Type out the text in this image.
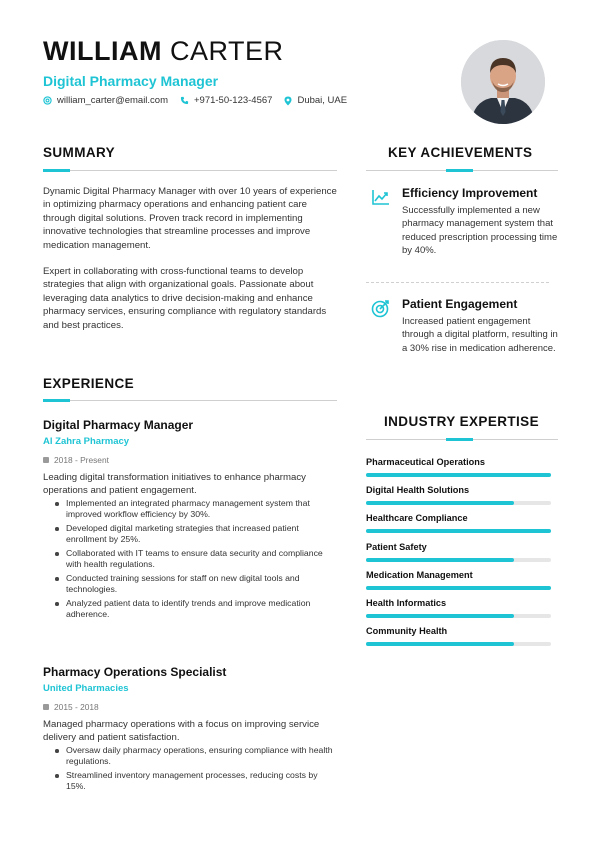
WILLIAM CARTER
Digital Pharmacy Manager
william_carter@email.com	+971-50-123-4567	Dubai, UAE
SUMMARY

Dynamic Digital Pharmacy Manager with over 10 years of experience in optimizing pharmacy operations and enhancing patient care through digital solutions. Proven track record in implementing innovative technologies that streamline processes and improve medication management.

Expert in collaborating with cross-functional teams to develop strategies that align with organizational goals. Passionate about leveraging data analytics to drive decision-making and enhance pharmacy services, ensuring compliance with regulatory standards and best practices.

EXPERIENCE
Digital Pharmacy Manager
Al Zahra Pharmacy
2018 - Present

Leading digital transformation initiatives to enhance pharmacy operations and patient engagement.

Implemented an integrated pharmacy management system that improved workflow efficiency by 30%.
Developed digital marketing strategies that increased patient enrollment by 25%.
Collaborated with IT teams to ensure data security and compliance with health regulations.
Conducted training sessions for staff on new digital tools and technologies.
Analyzed patient data to identify trends and improve medication adherence.
Pharmacy Operations Specialist
United Pharmacies
2015 - 2018

Managed pharmacy operations with a focus on improving service delivery and patient satisfaction.

Oversaw daily pharmacy operations, ensuring compliance with health regulations.
Streamlined inventory management processes, reducing costs by 15%.
KEY ACHIEVEMENTS
Efficiency Improvement

Successfully implemented a new pharmacy management system that reduced prescription processing time by 40%.

Patient Engagement

Increased patient engagement through a digital platform, resulting in a 30% rise in medication adherence.

INDUSTRY EXPERTISE
Pharmaceutical Operations
Digital Health Solutions
Healthcare Compliance
Patient Safety
Medication Management
Health Informatics
Community Health
